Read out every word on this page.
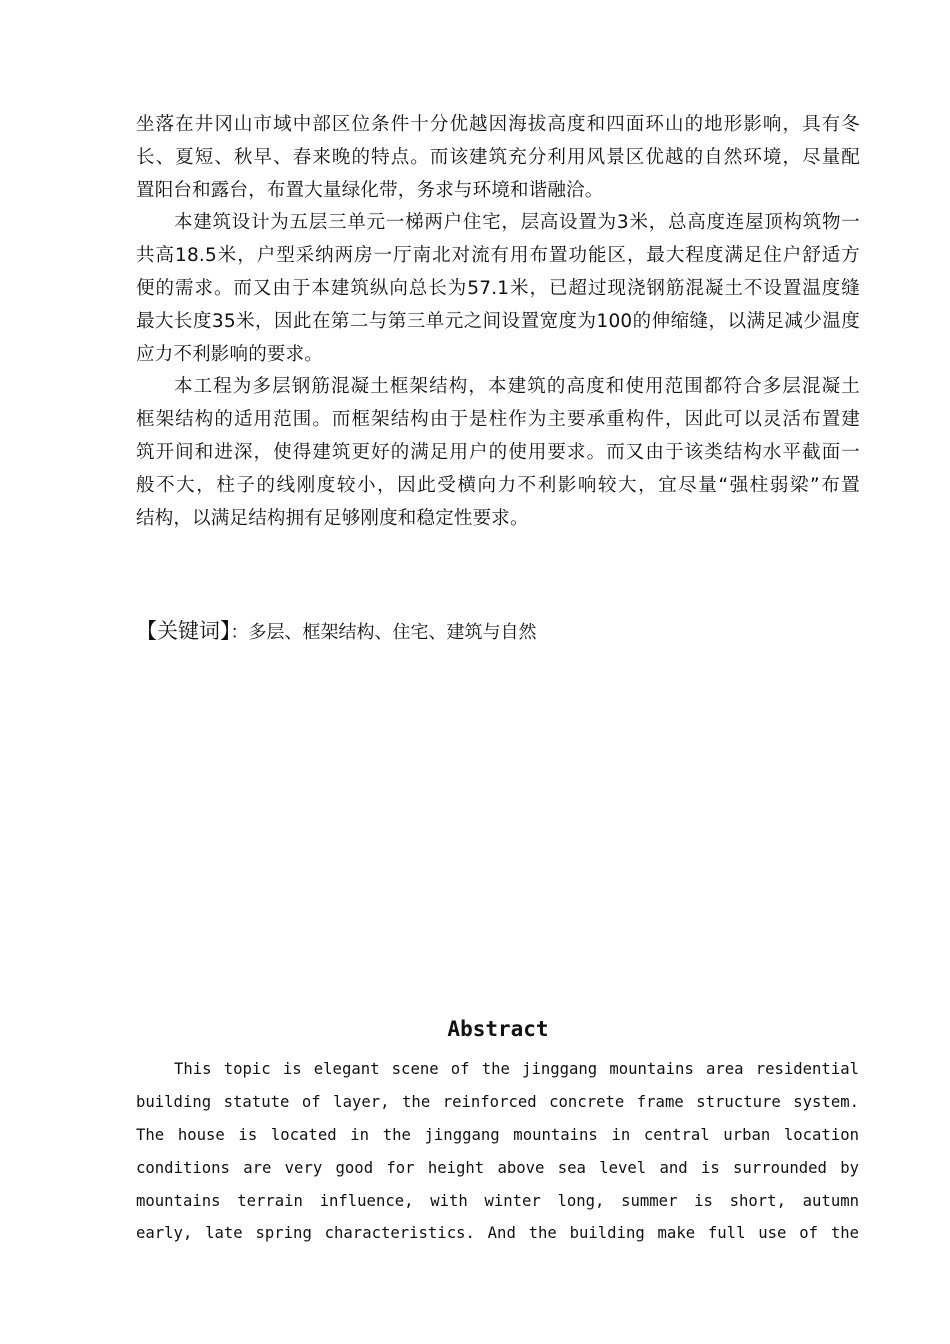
坐落在井冈山市域中部区位条件十分优越因海拔高度和四面环山的地形影响，具有冬
长、夏短、秋早、春来晚的特点。而该建筑充分利用风景区优越的自然环境，尽量配
置阳台和露台，布置大量绿化带，务求与环境和谐融洽。
本建筑设计为五层三单元一梯两户住宅，层高设置为3米，总高度连屋顶构筑物一
共高18.5米，户型采纳两房一厅南北对流有用布置功能区，最大程度满足住户舒适方
便的需求。而又由于本建筑纵向总长为57.1米，已超过现浇钢筋混凝土不设置温度缝
最大长度35米，因此在第二与第三单元之间设置宽度为100的伸缩缝，以满足减少温度
应力不利影响的要求。
本工程为多层钢筋混凝土框架结构，本建筑的高度和使用范围都符合多层混凝土
框架结构的适用范围。而框架结构由于是柱作为主要承重构件，因此可以灵活布置建
筑开间和进深，使得建筑更好的满足用户的使用要求。而又由于该类结构水平截面一
般不大，柱子的线刚度较小，因此受横向力不利影响较大，宜尽量“强柱弱梁”布置
结构，以满足结构拥有足够刚度和稳定性要求。
【关键词】：多层、框架结构、住宅、建筑与自然
Abstract
This topic is elegant scene of the jinggang mountains area residential
building statute of layer, the reinforced concrete frame structure system.
The house is located in the jinggang mountains in central urban location
conditions are very good for height above sea level and is surrounded by
mountains terrain influence, with winter long, summer is short, autumn
early, late spring characteristics. And the building make full use of the
